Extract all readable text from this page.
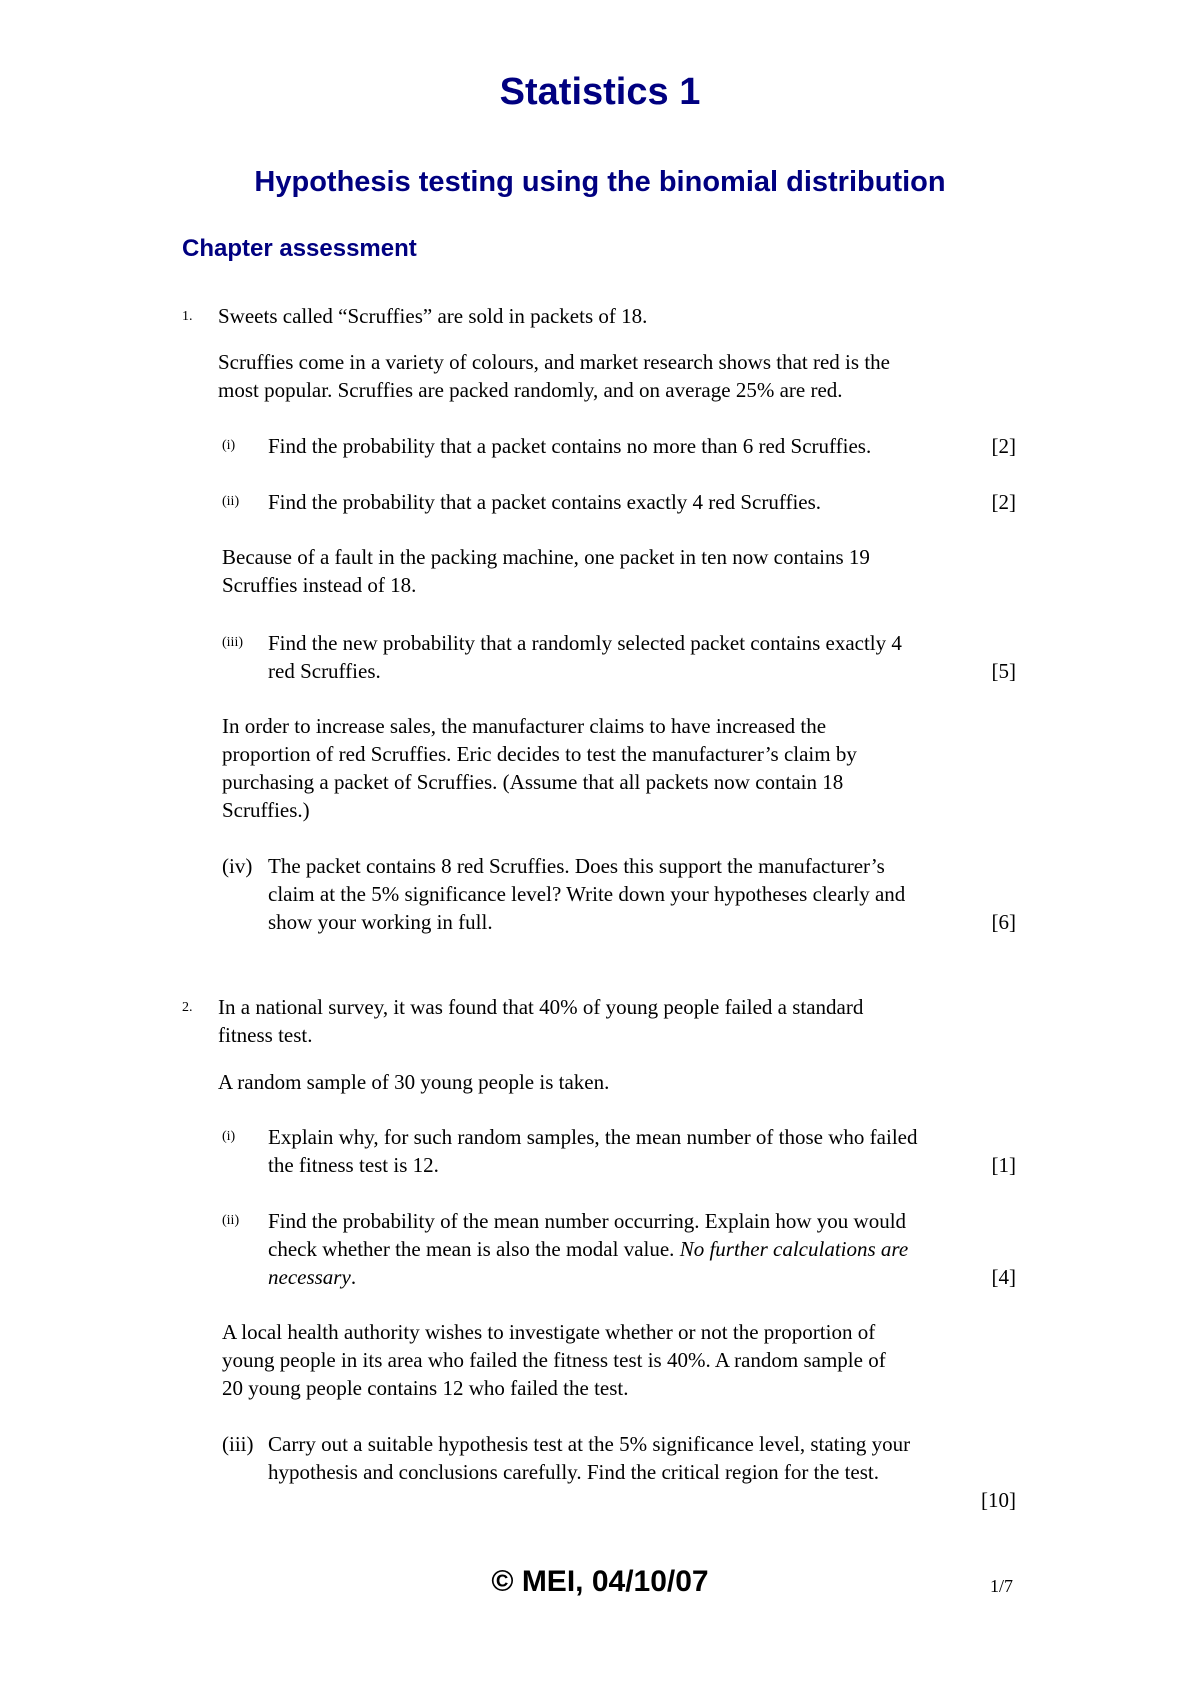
Statistics 1
Hypothesis testing using the binomial distribution
Chapter assessment
1. Sweets called “Scruffies” are sold in packets of 18.
Scruffies come in a variety of colours, and market research shows that red is the
most popular. Scruffies are packed randomly, and on average 25% are red.
(i) Find the probability that a packet contains no more than 6 red Scruffies.	[2]
(ii) Find the probability that a packet contains exactly 4 red Scruffies.	[2]
Because of a fault in the packing machine, one packet in ten now contains 19
Scruffies instead of 18.
(iii) Find the new probability that a randomly selected packet contains exactly 4
red Scruffies.	[5]
In order to increase sales, the manufacturer claims to have increased the
proportion of red Scruffies. Eric decides to test the manufacturer’s claim by
purchasing a packet of Scruffies. (Assume that all packets now contain 18
Scruffies.)
(iv) The packet contains 8 red Scruffies. Does this support the manufacturer’s
claim at the 5% significance level? Write down your hypotheses clearly and
show your working in full.	[6]
2. In a national survey, it was found that 40% of young people failed a standard
fitness test.
A random sample of 30 young people is taken.
(i) Explain why, for such random samples, the mean number of those who failed
the fitness test is 12.	[1]
(ii) Find the probability of the mean number occurring. Explain how you would
check whether the mean is also the modal value. No further calculations are
necessary.	[4]
A local health authority wishes to investigate whether or not the proportion of
young people in its area who failed the fitness test is 40%. A random sample of
20 young people contains 12 who failed the test.
(iii) Carry out a suitable hypothesis test at the 5% significance level, stating your
hypothesis and conclusions carefully. Find the critical region for the test.
[10]
© MEI, 04/10/07	1/7
